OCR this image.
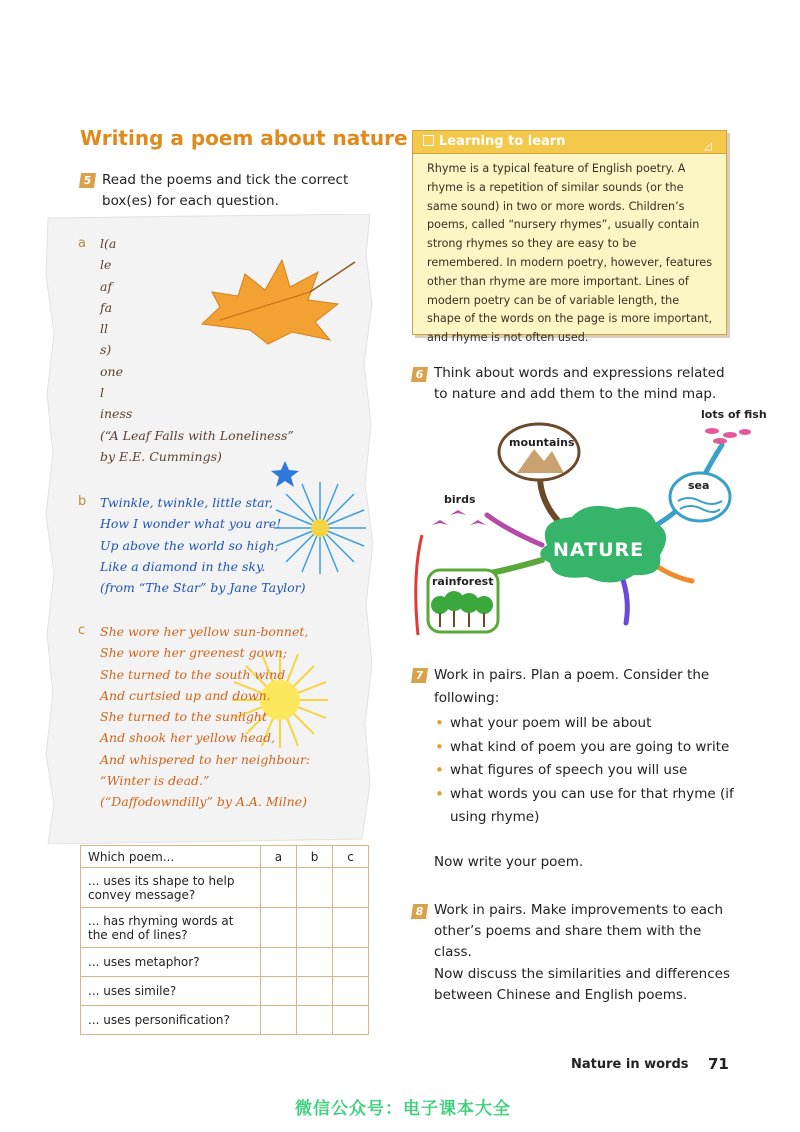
Writing a poem about nature
5 Read the poems and tick the correct box(es) for each question.
a
b
c
l(a
le
af
fa
ll
s)
one
l
iness
(“A Leaf Falls with Loneliness”
by E.E. Cummings)
Twinkle, twinkle, little star,
How I wonder what you are!
Up above the world so high,
Like a diamond in the sky.
(from “The Star” by Jane Taylor)
She wore her yellow sun-bonnet,
She wore her greenest gown;
She turned to the south wind
And curtsied up and down.
She turned to the sunlight
And shook her yellow head,
And whispered to her neighbour:
“Winter is dead.”
(“Daffodowndilly” by A.A. Milne)
Which poem...	a	b	c
... uses its shape to help convey message?			
... has rhyming words at the end of lines?			
... uses metaphor?			
... uses simile?			
... uses personification?			
Learning to learn	◿
Rhyme is a typical feature of English poetry. A rhyme is a repetition of similar sounds (or the same sound) in two or more words. Children’s poems, called “nursery rhymes”, usually contain strong rhymes so they are easy to be remembered. In modern poetry, however, features other than rhyme are more important. Lines of modern poetry can be of variable length, the shape of the words on the page is more important, and rhyme is not often used.
6 Think about words and expressions related to nature and add them to the mind map.
mountains
lots of fish
sea
birds
rainforest
NATURE
7 Work in pairs. Plan a poem. Consider the following:
• what your poem will be about
• what kind of poem you are going to write
• what figures of speech you will use
• what words you can use for that rhyme (if using rhyme)
Now write your poem.
8 Work in pairs. Make improvements to each other’s poems and share them with the class.
Now discuss the similarities and differences between Chinese and English poems.
Nature in words 71
微信公众号：电子课本大全
